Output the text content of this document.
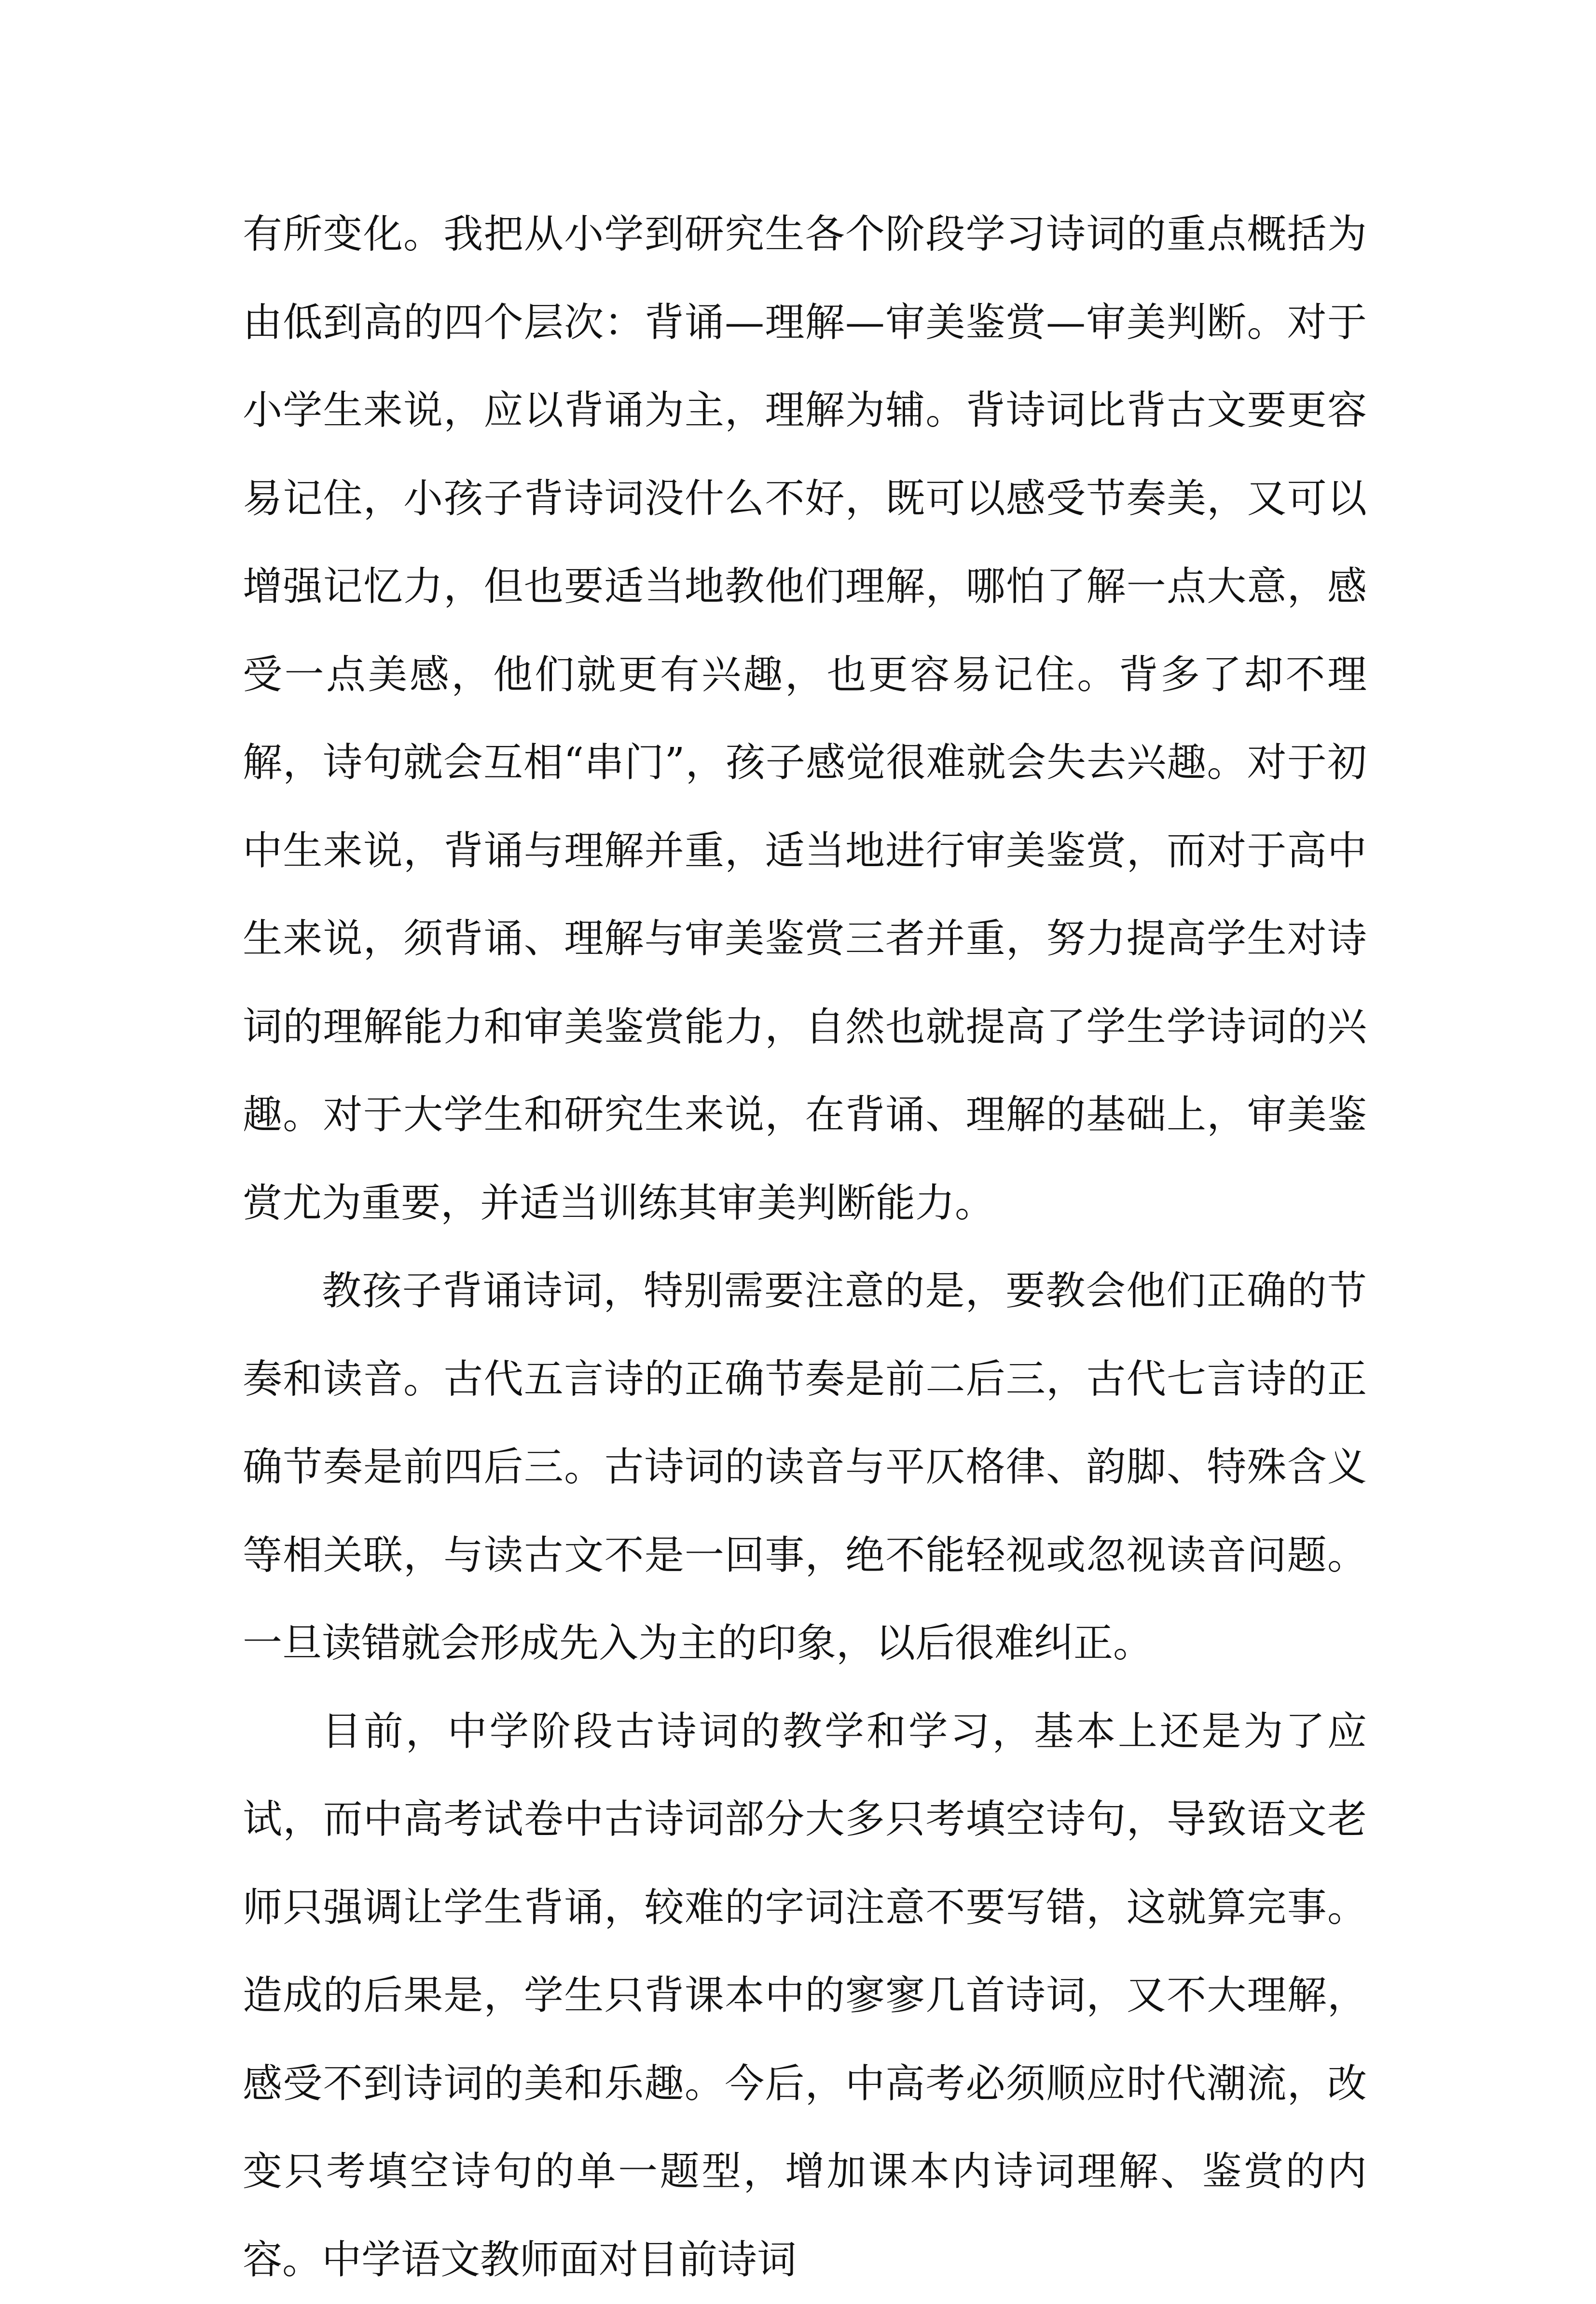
有所变化。我把从小学到研究生各个阶段学习诗词的重点概括为由低到高的四个层次：背诵—理解—审美鉴赏—审美判断。对于小学生来说，应以背诵为主，理解为辅。背诗词比背古文要更容易记住，小孩子背诗词没什么不好，既可以感受节奏美，又可以增强记忆力，但也要适当地教他们理解，哪怕了解一点大意，感受一点美感，他们就更有兴趣，也更容易记住。背多了却不理解，诗句就会互相“串门”，孩子感觉很难就会失去兴趣。对于初中生来说，背诵与理解并重，适当地进行审美鉴赏，而对于高中生来说，须背诵、理解与审美鉴赏三者并重，努力提高学生对诗词的理解能力和审美鉴赏能力，自然也就提高了学生学诗词的兴趣。对于大学生和研究生来说，在背诵、理解的基础上，审美鉴赏尤为重要，并适当训练其审美判断能力。

教孩子背诵诗词，特别需要注意的是，要教会他们正确的节奏和读音。古代五言诗的正确节奏是前二后三，古代七言诗的正确节奏是前四后三。古诗词的读音与平仄格律、韵脚、特殊含义等相关联，与读古文不是一回事，绝不能轻视或忽视读音问题。一旦读错就会形成先入为主的印象，以后很难纠正。

目前，中学阶段古诗词的教学和学习，基本上还是为了应试，而中高考试卷中古诗词部分大多只考填空诗句，导致语文老师只强调让学生背诵，较难的字词注意不要写错，这就算完事。造成的后果是，学生只背课本中的寥寥几首诗词，又不大理解，感受不到诗词的美和乐趣。今后，中高考必须顺应时代潮流，改变只考填空诗句的单一题型，增加课本内诗词理解、鉴赏的内容。中学语文教师面对目前诗词
